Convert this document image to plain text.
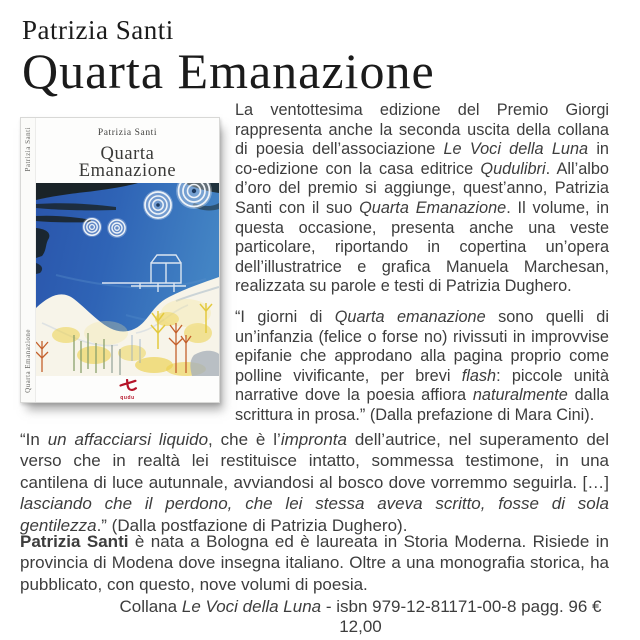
Patrizia Santi
Quarta Emanazione
Patrizia Santi
Quarta Emanazione
Patrizia Santi
Quarta
Emanazione
qudu

La ventottesima edizione del Premio Giorgi rappresenta anche la seconda uscita della collana di poesia dell’associazione Le Voci della Luna in co-edizione con la casa editrice Qudulibri. All’albo d’oro del premio si aggiunge, quest’anno, Patrizia Santi con il suo Quarta Emanazione. Il volume, in questa occasione, presenta anche una veste particolare, riportando in copertina un’opera dell’illustratrice e grafica Manuela Marchesan, realizzata su parole e testi di Patrizia Dughero.

“I giorni di Quarta emanazione sono quelli di un’infanzia (felice o forse no) rivissuti in improvvise epifanie che approdano alla pagina proprio come polline vivificante, per brevi flash: piccole unità narrative dove la poesia affiora naturalmente dalla scrittura in prosa.” (Dalla prefazione di Mara Cini).

“In un affacciarsi liquido, che è l’impronta dell’autrice, nel superamento del verso che in realtà lei restituisce intatto, sommessa testimone, in una cantilena di luce autunnale, avviandosi al bosco dove vorremmo seguirla. […] lasciando che il perdono, che lei stessa aveva scritto, fosse di sola gentilezza.” (Dalla postfazione di Patrizia Dughero).

Patrizia Santi è nata a Bologna ed è laureata in Storia Moderna. Risiede in provincia di Modena dove insegna italiano. Oltre a una monografia storica, ha pubblicato, con questo, nove volumi di poesia.

Collana Le Voci della Luna - isbn 979-12-81171-00-8 pagg. 96 € 12,00
